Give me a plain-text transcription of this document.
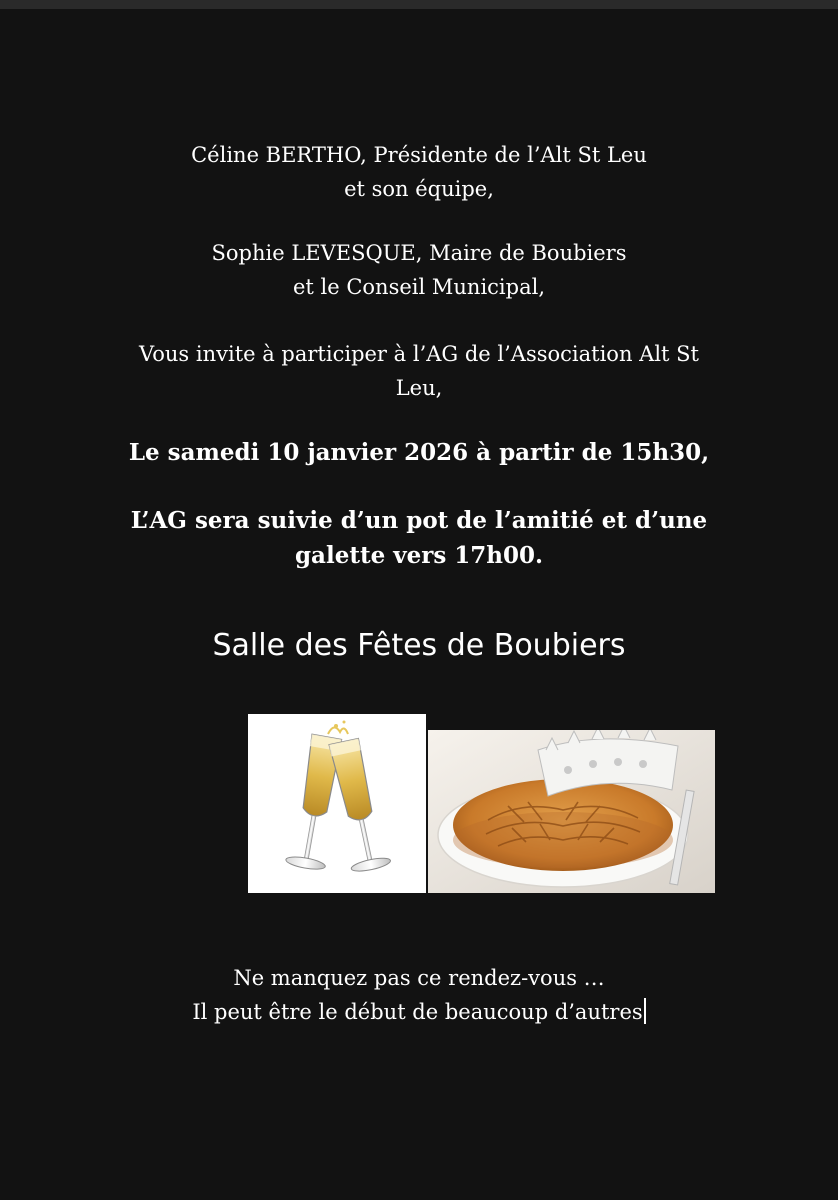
Céline BERTHO, Présidente de l’Alt St Leu
et son équipe,
Sophie LEVESQUE, Maire de Boubiers
et le Conseil Municipal,
Vous invite à participer à l’AG de l’Association Alt St
Leu,
Le samedi 10 janvier 2026 à partir de 15h30,
L’AG sera suivie d’un pot de l’amitié et d’une
galette vers 17h00.
Salle des Fêtes de Boubiers
Ne manquez pas ce rendez-vous …
Il peut être le début de beaucoup d’autres
